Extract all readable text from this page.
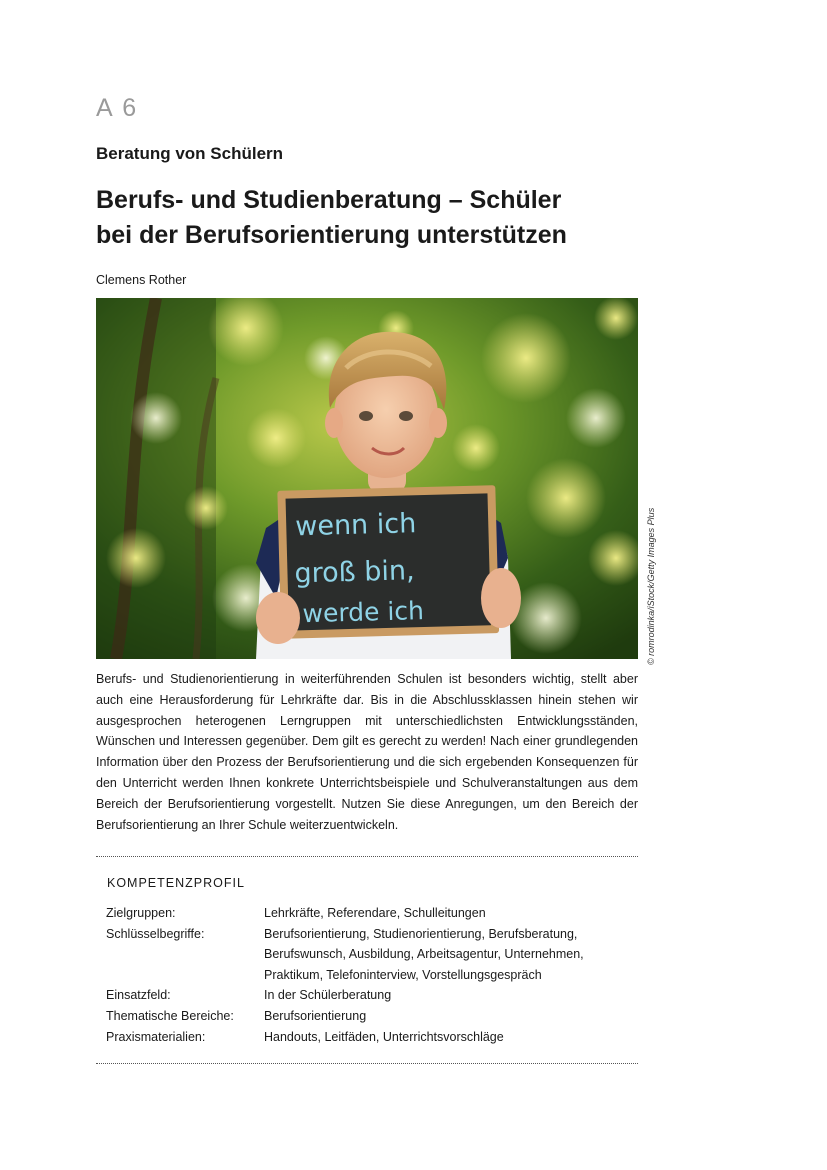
A 6
Beratung von Schülern
Berufs- und Studienberatung – Schüler
bei der Berufsorientierung unterstützen
Clemens Rother
wenn ich
groß bin,
werde ich	© romrodinka/iStock/Getty Images Plus
Berufs- und Studienorientierung in weiterführenden Schulen ist besonders wichtig, stellt aber auch eine Herausforderung für Lehrkräfte dar. Bis in die Abschlussklassen hinein stehen wir ausgesprochen heterogenen Lerngruppen mit unterschiedlichsten Entwicklungsständen, Wünschen und Interessen gegenüber. Dem gilt es gerecht zu werden! Nach einer grundlegenden Information über den Prozess der Berufsorientierung und die sich ergebenden Konsequenzen für den Unterricht werden Ihnen konkrete Unterrichtsbeispiele und Schulveranstaltungen aus dem Bereich der Berufsorientierung vorgestellt. Nutzen Sie diese Anregungen, um den Bereich der Berufsorientierung an Ihrer Schule weiterzuentwickeln.
KOMPETENZPROFIL
Zielgruppen:	Lehrkräfte, Referendare, Schulleitungen
Schlüsselbegriffe:	Berufsorientierung, Studienorientierung, Berufsberatung, Berufswunsch, Ausbildung, Arbeitsagentur, Unternehmen, Praktikum, Telefoninterview, Vorstellungsgespräch
Einsatzfeld:	In der Schülerberatung
Thematische Bereiche:	Berufsorientierung
Praxismaterialien:	Handouts, Leitfäden, Unterrichtsvorschläge
